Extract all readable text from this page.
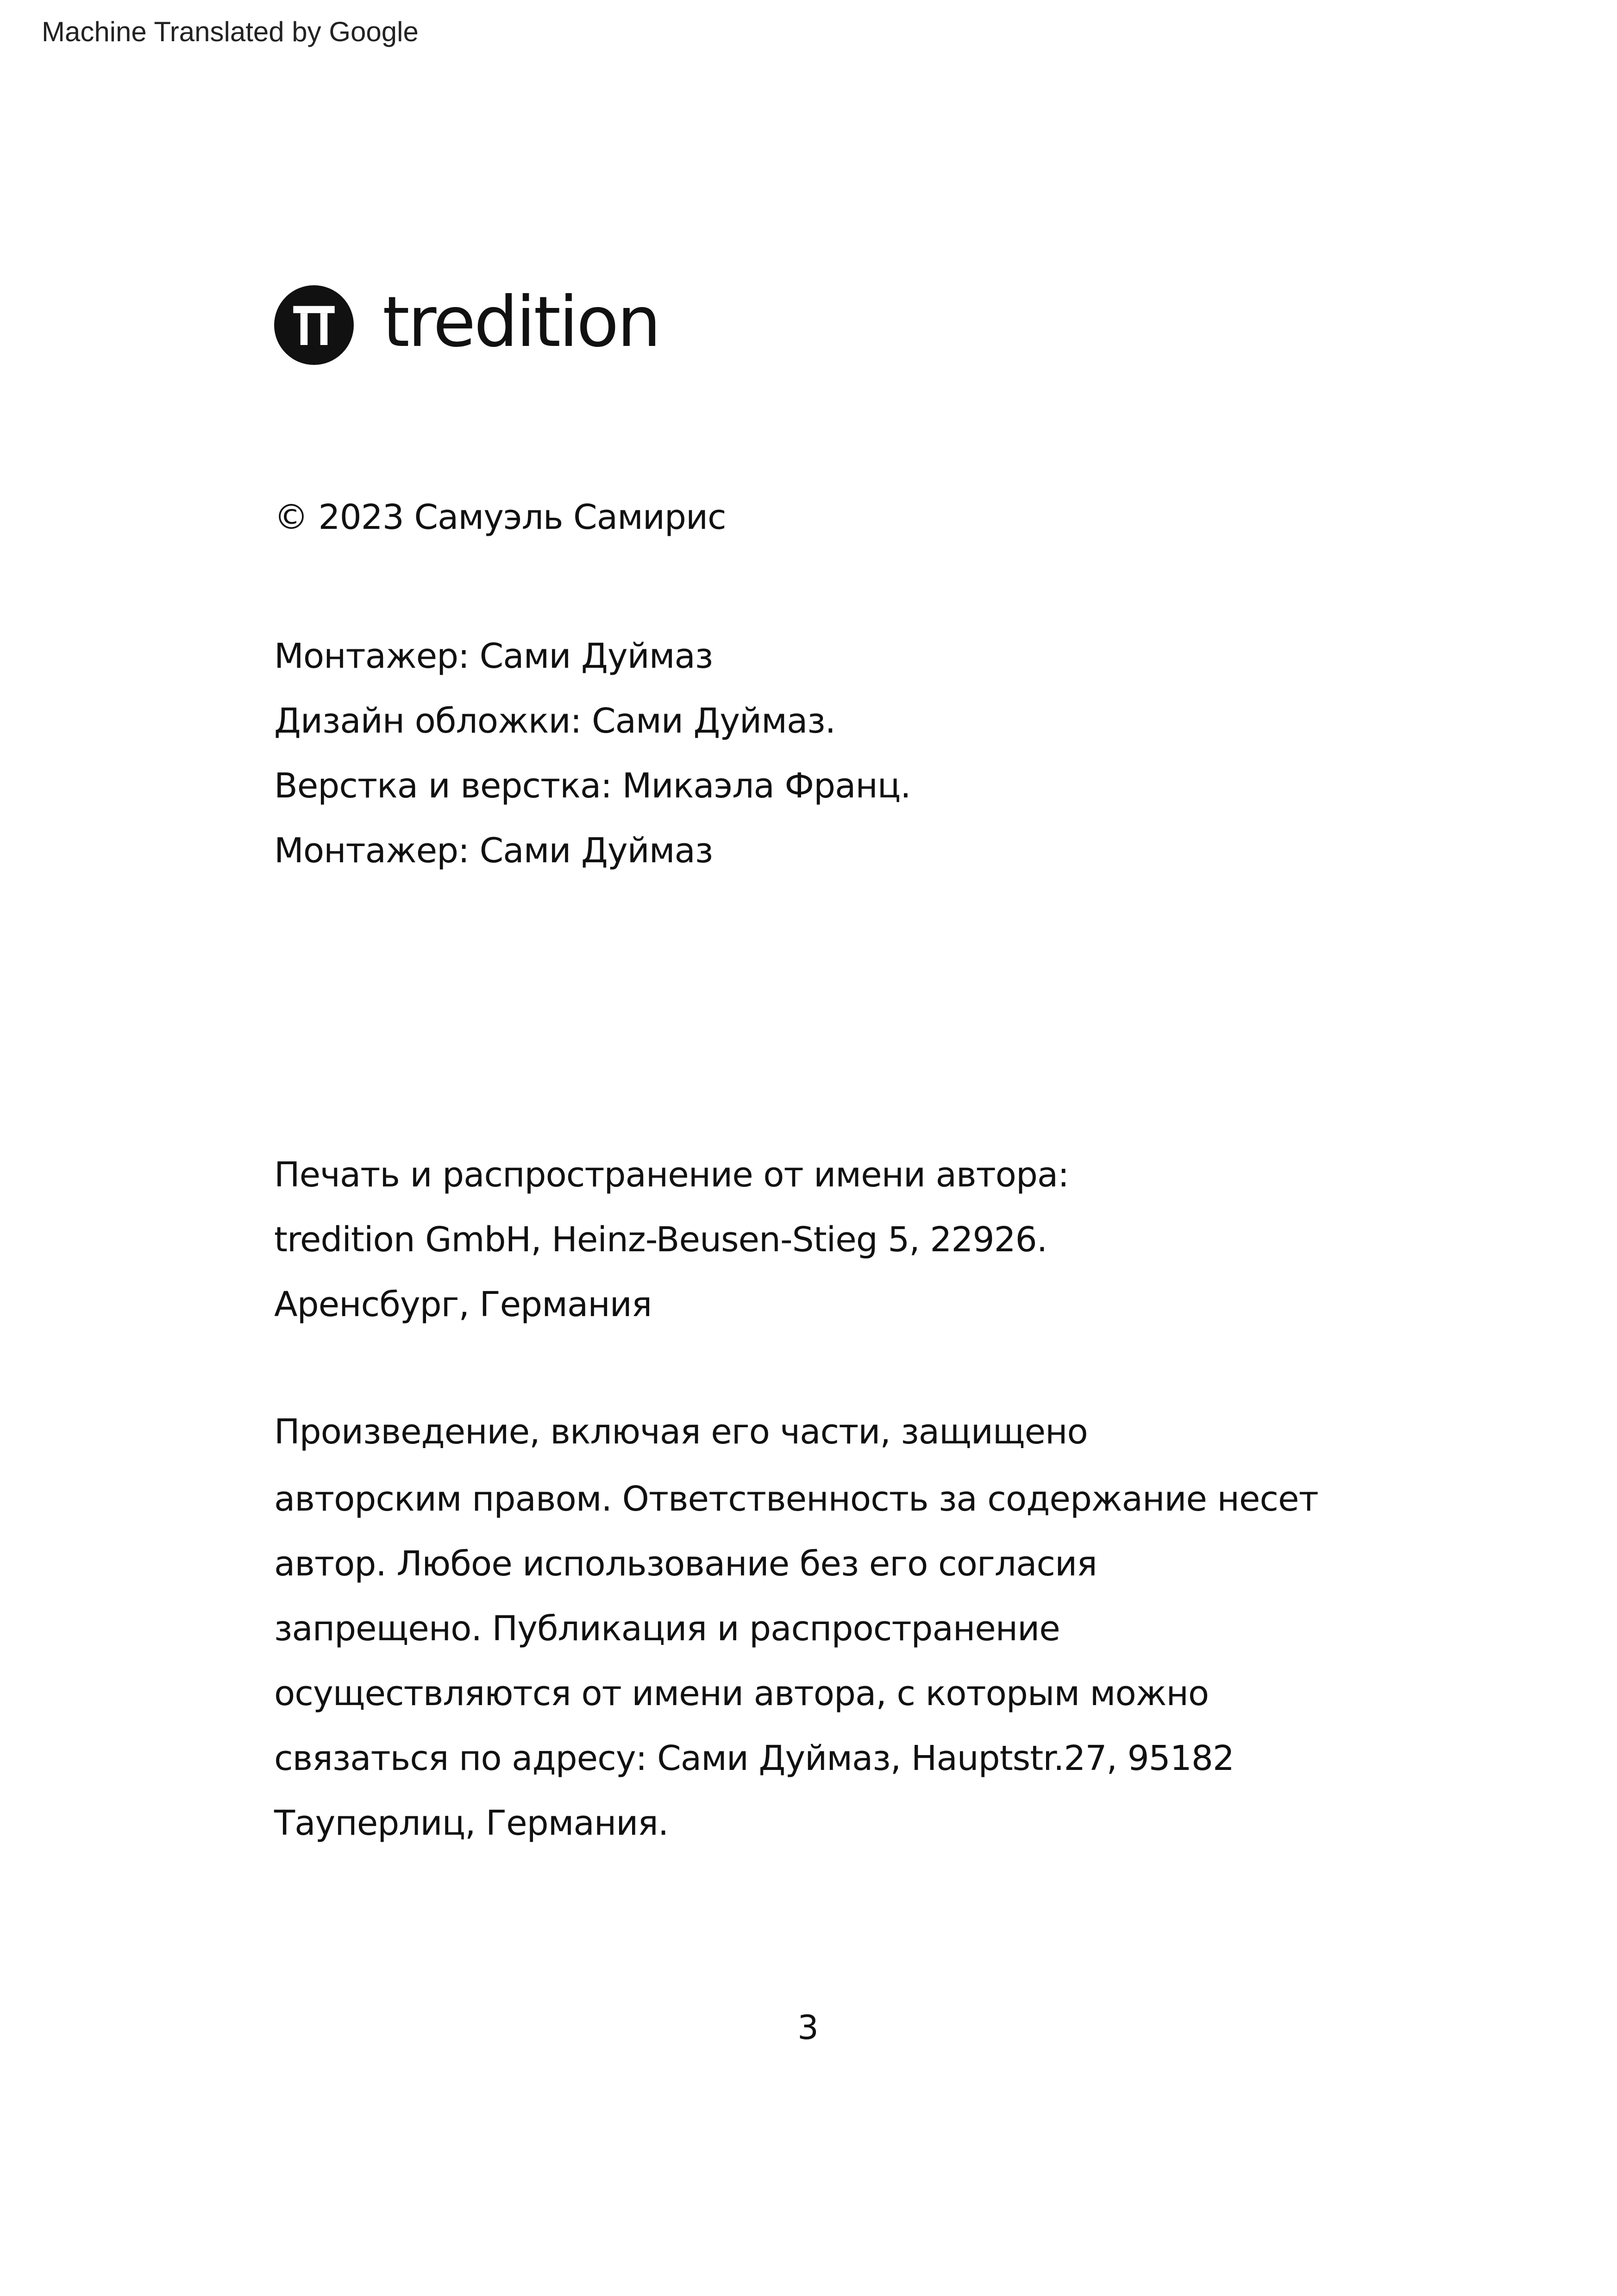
Machine Translated by Google
tredition
© 2023 Самуэль Самирис
Монтажер: Сами Дуймаз
Дизайн обложки: Сами Дуймаз.
Верстка и верстка: Микаэла Франц.
Монтажер: Сами Дуймаз
Печать и распространение от имени автора:
tredition GmbH, Heinz-Beusen-Stieg 5, 22926.
Аренсбург, Германия
Произведение, включая его части, защищено
авторским правом. Ответственность за содержание несет
автор. Любое использование без его согласия
запрещено. Публикация и распространение
осуществляются от имени автора, с которым можно
связаться по адресу: Сами Дуймаз, Hauptstr.27, 95182
Тауперлиц, Германия.
3
